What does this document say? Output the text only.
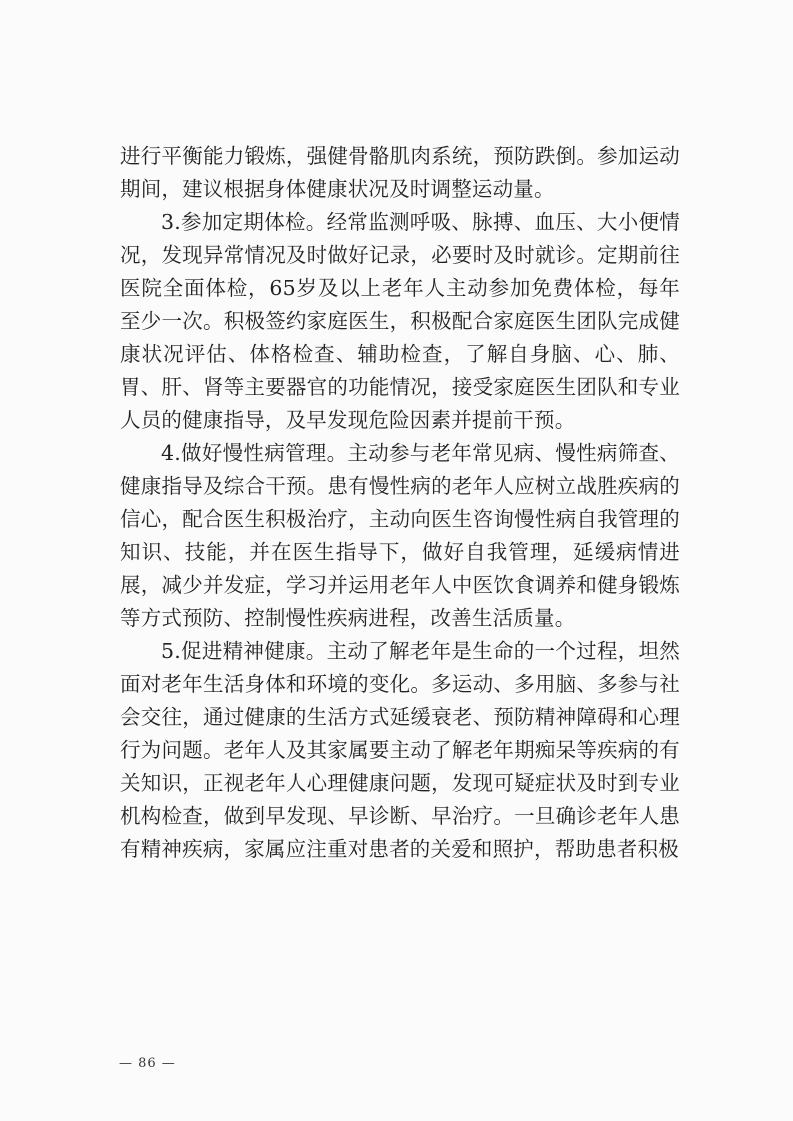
进行平衡能力锻炼，强健骨骼肌肉系统，预防跌倒。参加运动期间，建议根据身体健康状况及时调整运动量。

3.参加定期体检。经常监测呼吸、脉搏、血压、大小便情况，发现异常情况及时做好记录，必要时及时就诊。定期前往医院全面体检，65岁及以上老年人主动参加免费体检，每年至少一次。积极签约家庭医生，积极配合家庭医生团队完成健康状况评估、体格检查、辅助检查，了解自身脑、心、肺、胃、肝、肾等主要器官的功能情况，接受家庭医生团队和专业人员的健康指导，及早发现危险因素并提前干预。

4.做好慢性病管理。主动参与老年常见病、慢性病筛查、健康指导及综合干预。患有慢性病的老年人应树立战胜疾病的信心，配合医生积极治疗，主动向医生咨询慢性病自我管理的知识、技能，并在医生指导下，做好自我管理，延缓病情进展，减少并发症，学习并运用老年人中医饮食调养和健身锻炼等方式预防、控制慢性疾病进程，改善生活质量。

5.促进精神健康。主动了解老年是生命的一个过程，坦然面对老年生活身体和环境的变化。多运动、多用脑、多参与社会交往，通过健康的生活方式延缓衰老、预防精神障碍和心理行为问题。老年人及其家属要主动了解老年期痴呆等疾病的有关知识，正视老年人心理健康问题，发现可疑症状及时到专业机构检查，做到早发现、早诊断、早治疗。一旦确诊老年人患有精神疾病，家属应注重对患者的关爱和照护，帮助患者积极

— 86 —
